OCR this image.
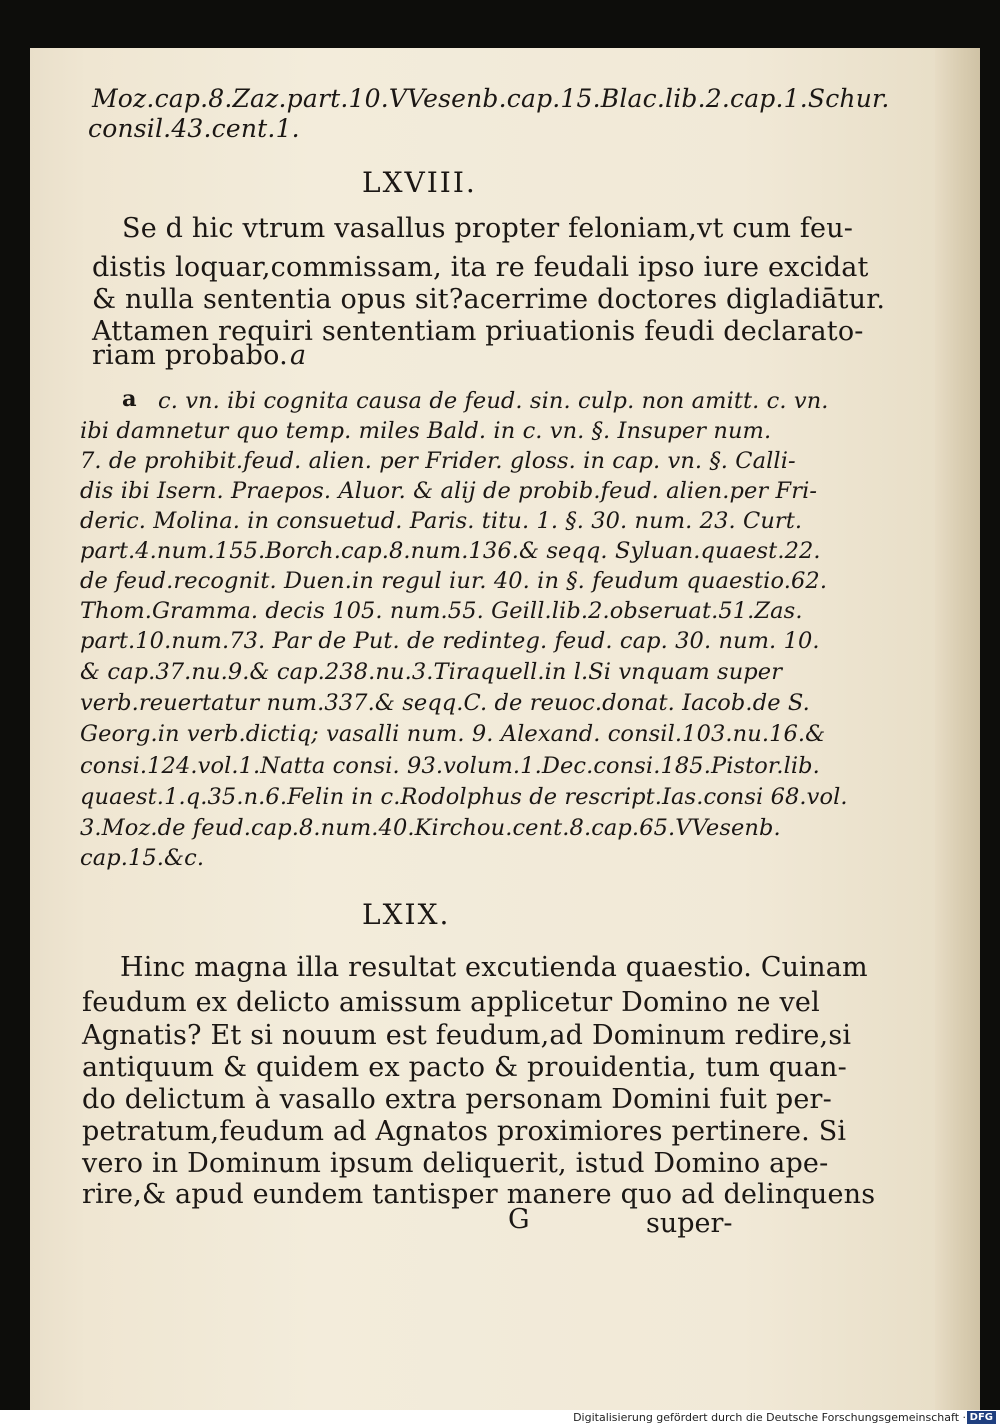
Moz.cap.8.Zaz.part.10.VVesenb.cap.15.Blac.lib.2.cap.1.Schur.
consil.43.cent.1.
LXVIII.
Se d hic vtrum vasallus propter feloniam,vt cum feu-
distis loquar,commissam, ita re feudali ipso iure excidat
& nulla sententia opus sit?acerrime doctores digladiātur.
Attamen requiri sententiam priuationis feudi declarato-
riam probabo. a
a c. vn. ibi cognita causa de feud. sin. culp. non amitt. c. vn.
ibi damnetur quo temp. miles Bald. in c. vn. §. Insuper num.
7. de prohibit.feud. alien. per Frider. gloss. in cap. vn. §. Calli-
dis ibi Isern. Praepos. Aluor. & alij de probib.feud. alien.per Fri-
deric. Molina. in consuetud. Paris. titu. 1. §. 30. num. 23. Curt.
part.4.num.155.Borch.cap.8.num.136.& seqq. Syluan.quaest.22.
de feud.recognit. Duen.in regul iur. 40. in §. feudum quaestio.62.
Thom.Gramma. decis 105. num.55. Geill.lib.2.obseruat.51.Zas.
part.10.num.73. Par de Put. de redinteg. feud. cap. 30. num. 10.
& cap.37.nu.9.& cap.238.nu.3.Tiraquell.in l.Si vnquam super
verb.reuertatur num.337.& seqq.C. de reuoc.donat. Iacob.de S.
Georg.in verb.dictiq; vasalli num. 9. Alexand. consil.103.nu.16.&
consi.124.vol.1.Natta consi. 93.volum.1.Dec.consi.185.Pistor.lib.
quaest.1.q.35.n.6.Felin in c.Rodolphus de rescript.Ias.consi 68.vol.
3.Moz.de feud.cap.8.num.40.Kirchou.cent.8.cap.65.VVesenb.
cap.15.&c.
LXIX.
Hinc magna illa resultat excutienda quaestio. Cuinam
feudum ex delicto amissum applicetur Domino ne vel
Agnatis? Et si nouum est feudum,ad Dominum redire,si
antiquum & quidem ex pacto & prouidentia, tum quan-
do delictum à vasallo extra personam Domini fuit per-
petratum,feudum ad Agnatos proximiores pertinere. Si
vero in Dominum ipsum deliquerit, istud Domino ape-
rire,& apud eundem tantisper manere quo ad delinquens
G	super-
Digitalisierung gefördert durch die Deutsche Forschungsgemeinschaft · DFG
